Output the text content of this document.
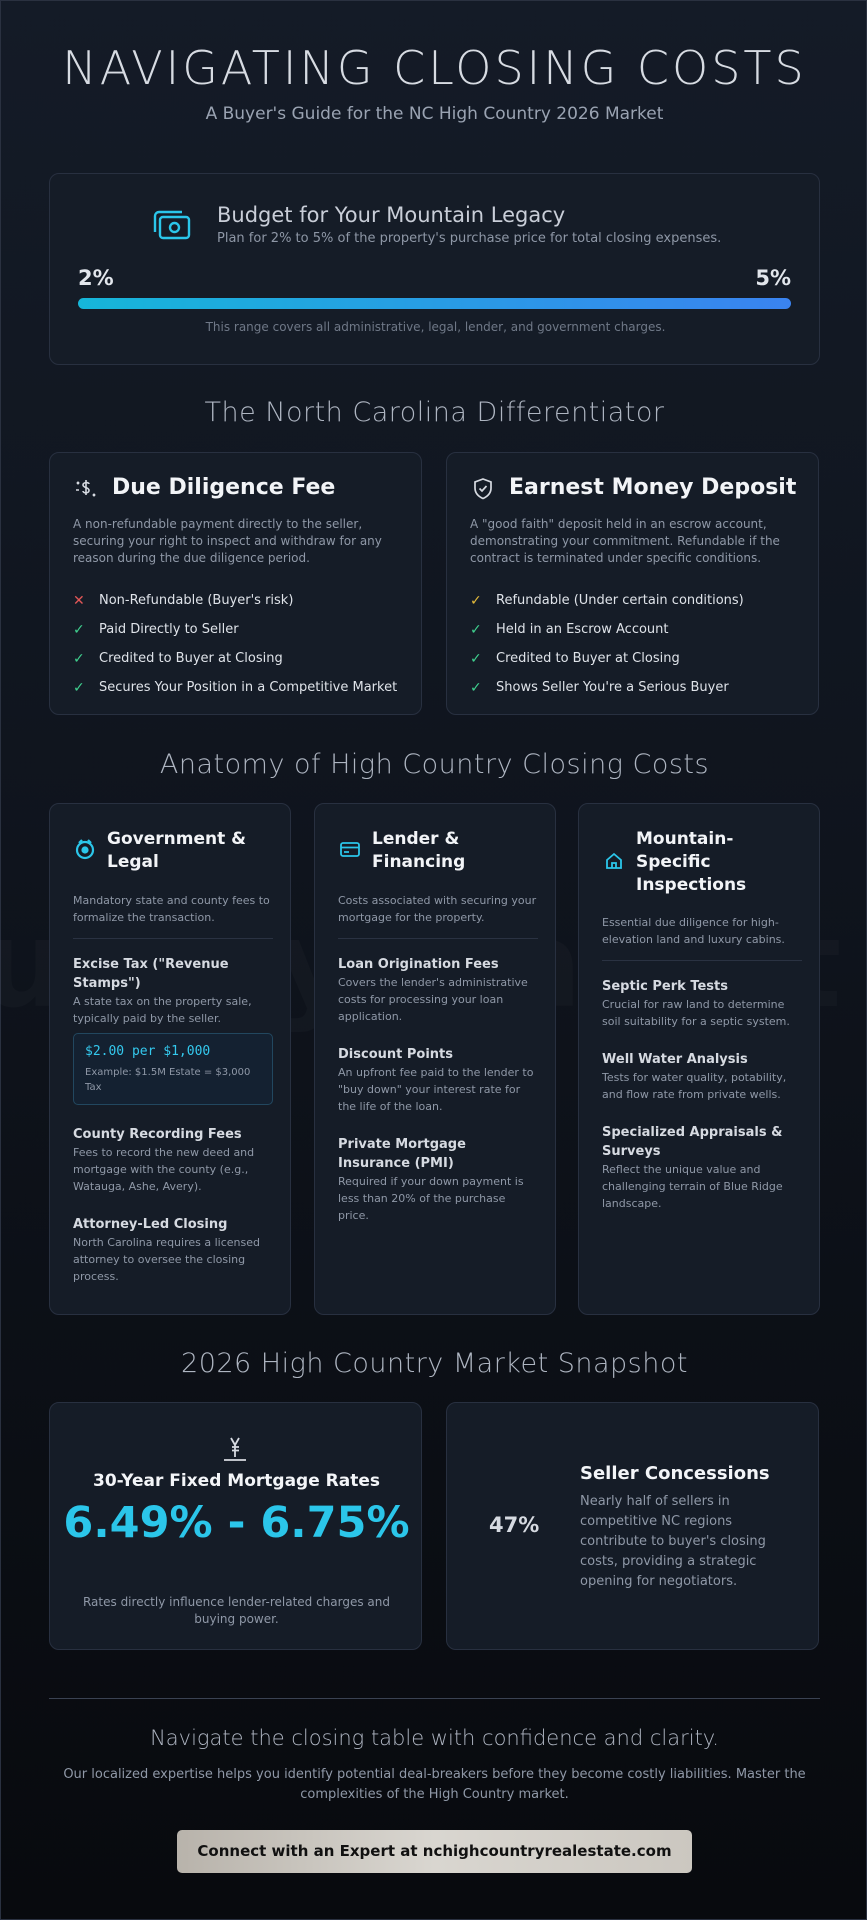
NAVIGATING CLOSING COSTS
A Buyer's Guide for the NC High Country 2026 Market
Budget for Your Mountain Legacy
Plan for 2% to 5% of the property's purchase price for total closing expenses.
2%	5%
This range covers all administrative, legal, lender, and government charges.
The North Carolina Differentiator
Due Diligence Fee
A non-refundable payment directly to the seller, securing your right to inspect and withdraw for any reason during the due diligence period.
✕	Non-Refundable (Buyer's risk)
✓	Paid Directly to Seller
✓	Credited to Buyer at Closing
✓	Secures Your Position in a Competitive Market
Earnest Money Deposit
A "good faith" deposit held in an escrow account, demonstrating your commitment. Refundable if the contract is terminated under specific conditions.
✓	Refundable (Under certain conditions)
✓	Held in an Escrow Account
✓	Credited to Buyer at Closing
✓	Shows Seller You're a Serious Buyer
Anatomy of High Country Closing Costs
Government & Legal
Mandatory state and county fees to formalize the transaction.
Excise Tax ("Revenue Stamps")
A state tax on the property sale, typically paid by the seller.
$2.00 per $1,000
Example: $1.5M Estate = $3,000 Tax
County Recording Fees
Fees to record the new deed and mortgage with the county (e.g., Watauga, Ashe, Avery).
Attorney-Led Closing
North Carolina requires a licensed attorney to oversee the closing process.
Lender & Financing
Costs associated with securing your mortgage for the property.
Loan Origination Fees
Covers the lender's administrative costs for processing your loan application.
Discount Points
An upfront fee paid to the lender to "buy down" your interest rate for the life of the loan.
Private Mortgage Insurance (PMI)
Required if your down payment is less than 20% of the purchase price.
Mountain-Specific Inspections
Essential due diligence for high-elevation land and luxury cabins.
Septic Perk Tests
Crucial for raw land to determine soil suitability for a septic system.
Well Water Analysis
Tests for water quality, potability, and flow rate from private wells.
Specialized Appraisals & Surveys
Reflect the unique value and challenging terrain of Blue Ridge landscape.
2026 High Country Market Snapshot
30-Year Fixed Mortgage Rates
6.49% - 6.75%
Rates directly influence lender-related charges and buying power.
47%
Seller Concessions
Nearly half of sellers in competitive NC regions contribute to buyer's closing costs, providing a strategic opening for negotiators.
Navigate the closing table with confidence and clarity.
Our localized expertise helps you identify potential deal-breakers before they become costly liabilities. Master the complexities of the High Country market.
Connect with an Expert at nchighcountryrealestate.com
